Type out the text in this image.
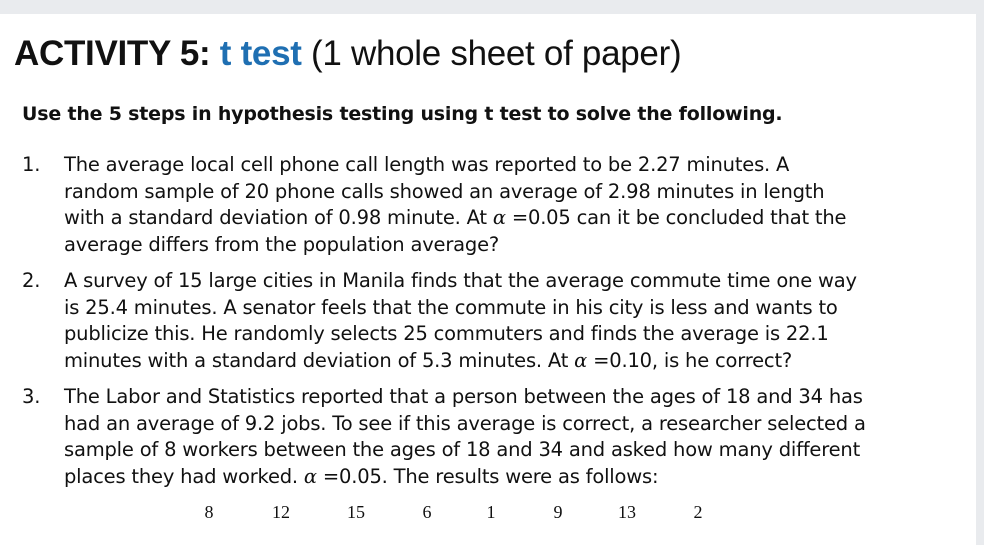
ACTIVITY 5: t test (1 whole sheet of paper)
Use the 5 steps in hypothesis testing using t test to solve the following.
1.	The average local cell phone call length was reported to be 2.27 minutes. A
random sample of 20 phone calls showed an average of 2.98 minutes in length
with a standard deviation of 0.98 minute. At α =0.05 can it be concluded that the
average differs from the population average?
2.	A survey of 15 large cities in Manila finds that the average commute time one way
is 25.4 minutes. A senator feels that the commute in his city is less and wants to
publicize this. He randomly selects 25 commuters and finds the average is 22.1
minutes with a standard deviation of 5.3 minutes. At α =0.10, is he correct?
3.	The Labor and Statistics reported that a person between the ages of 18 and 34 has
had an average of 9.2 jobs. To see if this average is correct, a researcher selected a
sample of 8 workers between the ages of 18 and 34 and asked how many different
places they had worked. α =0.05. The results were as follows:
8	12	15	6	1	9	13	2
